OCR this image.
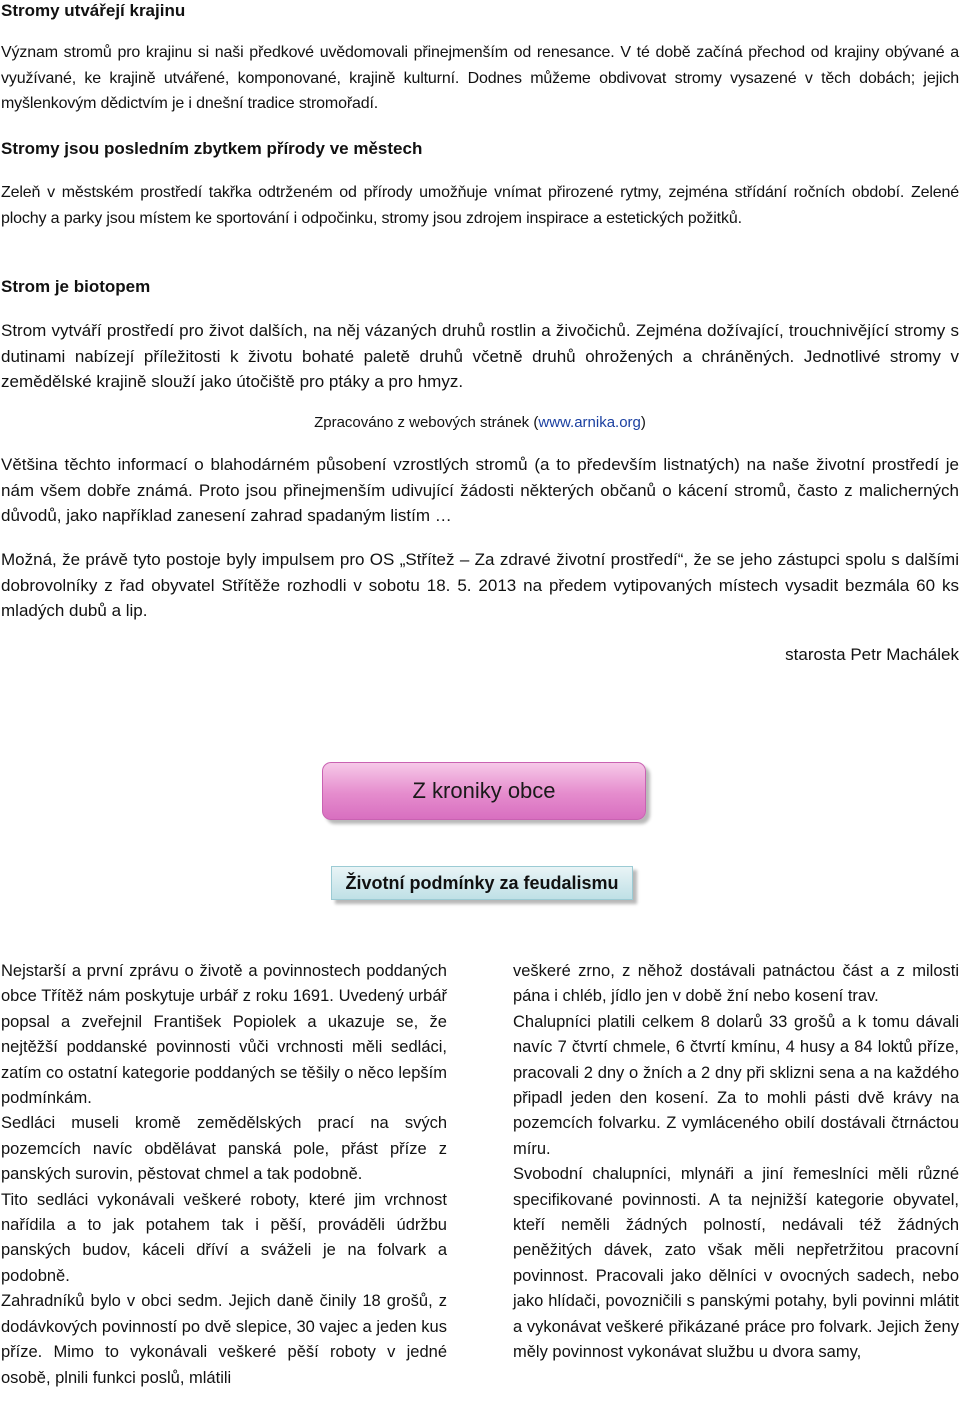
Stromy utvářejí krajinu
Význam stromů pro krajinu si naši předkové uvědomovali přinejmenším od renesance. V té době začíná přechod od krajiny obývané a využívané, ke krajině utvářené, komponované, krajině kulturní. Dodnes můžeme obdivovat stromy vysazené v těch dobách; jejich myšlenkovým dědictvím je i dnešní tradice stromořadí.
Stromy jsou posledním zbytkem přírody ve městech
Zeleň v městském prostředí takřka odtrženém od přírody umožňuje vnímat přirozené rytmy, zejména střídání ročních období. Zelené plochy a parky jsou místem ke sportování i odpočinku, stromy jsou zdrojem inspirace a estetických požitků.
Strom je biotopem
Strom vytváří prostředí pro život dalších, na něj vázaných druhů rostlin a živočichů. Zejména dožívající, trouchnivějící stromy s dutinami nabízejí příležitosti k životu bohaté paletě druhů včetně druhů ohrožených a chráněných. Jednotlivé stromy v zemědělské krajině slouží jako útočiště pro ptáky a pro hmyz.
Zpracováno z webových stránek (www.arnika.org)
Většina těchto informací o blahodárném působení vzrostlých stromů (a to především listnatých) na naše životní prostředí je nám všem dobře známá. Proto jsou přinejmenším udivující žádosti některých občanů o kácení stromů, často z malicherných důvodů, jako například zanesení zahrad spadaným listím …
Možná, že právě tyto postoje byly impulsem pro OS „Střítež – Za zdravé životní prostředí“, že se jeho zástupci spolu s dalšími dobrovolníky z řad obyvatel Střítěže rozhodli v sobotu 18. 5. 2013 na předem vytipovaných místech vysadit bezmála 60 ks mladých dubů a lip.
starosta Petr Machálek
Z kroniky obce
Životní podmínky za feudalismu

Nejstarší a první zprávu o životě a povinnostech poddaných obce Třítěž nám poskytuje urbář z roku 1691. Uvedený urbář popsal a zveřejnil František Popiolek a ukazuje se, že nejtěžší poddanské povinnosti vůči vrchnosti měli sedláci, zatím co ostatní kategorie poddaných se těšily o něco lepším podmínkám.

Sedláci museli kromě zemědělských prací na svých pozemcích navíc obdělávat panská pole, přást příze z panských surovin, pěstovat chmel a tak podobně.

Tito sedláci vykonávali veškeré roboty, které jim vrchnost nařídila a to jak potahem tak i pěší, prováděli údržbu panských budov, káceli dříví a sváželi je na folvark a podobně.

Zahradníků bylo v obci sedm. Jejich daně činily 18 grošů, z dodávkových povinností po dvě slepice, 30 vajec a jeden kus příze. Mimo to vykonávali veškeré pěší roboty v jedné osobě, plnili funkci poslů, mlátili

veškeré zrno, z něhož dostávali patnáctou část a z milosti pána i chléb, jídlo jen v době žní nebo kosení trav.

Chalupníci platili celkem 8 dolarů 33 grošů a k tomu dávali navíc 7 čtvrtí chmele, 6 čtvrtí kmínu, 4 husy a 84 loktů příze, pracovali 2 dny o žních a 2 dny při sklizni sena a na každého připadl jeden den kosení. Za to mohli pásti dvě krávy na pozemcích folvarku. Z vymláceného obilí dostávali čtrnáctou míru.

Svobodní chalupníci, mlynáři a jiní řemeslníci měli různé specifikované povinnosti. A ta nejnižší kategorie obyvatel, kteří neměli žádných polností, nedávali též žádných peněžitých dávek, zato však měli nepřetržitou pracovní povinnost. Pracovali jako dělníci v ovocných sadech, nebo jako hlídači, povozničili s panskými potahy, byli povinni mlátit a vykonávat veškeré přikázané práce pro folvark. Jejich ženy měly povinnost vykonávat službu u dvora samy,
